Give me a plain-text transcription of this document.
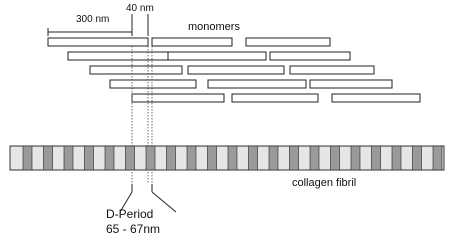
300 nm
40 nm
monomers
collagen fibril
D-Period
65 - 67nm
